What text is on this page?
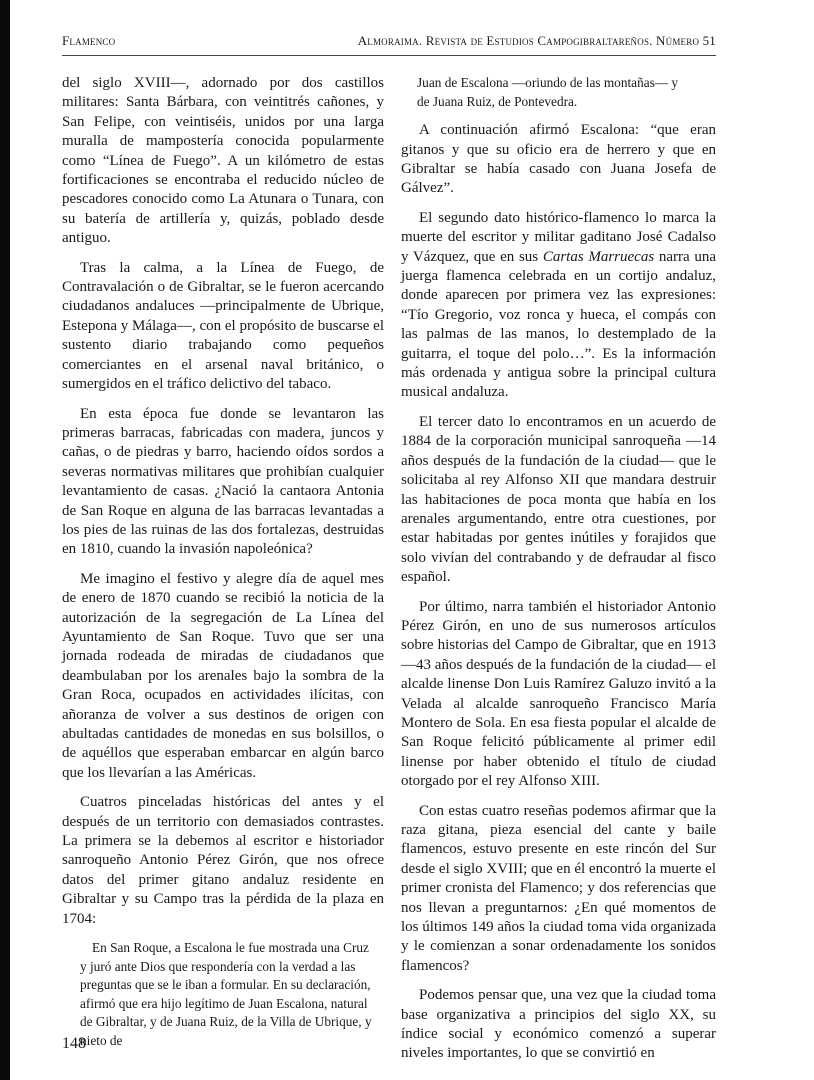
Flamenco	Almoraima. Revista de Estudios Campogibraltareños. Número 51

del siglo XVIII—, adornado por dos castillos militares: Santa Bárbara, con veintitrés cañones, y San Felipe, con veintiséis, unidos por una larga muralla de mampostería conocida popularmente como “Línea de Fuego”. A un kilómetro de estas fortificaciones se encontraba el reducido núcleo de pescadores conocido como La Atunara o Tunara, con su batería de artillería y, quizás, poblado desde antiguo.

Tras la calma, a la Línea de Fuego, de Contravalación o de Gibraltar, se le fueron acercando ciudadanos andaluces —principalmente de Ubrique, Estepona y Málaga—, con el propósito de buscarse el sustento diario trabajando como pequeños comerciantes en el arsenal naval británico, o sumergidos en el tráfico delictivo del tabaco.

En esta época fue donde se levantaron las primeras barracas, fabricadas con madera, juncos y cañas, o de piedras y barro, haciendo oídos sordos a severas normativas militares que prohibían cualquier levantamiento de casas. ¿Nació la cantaora Antonia de San Roque en alguna de las barracas levantadas a los pies de las ruinas de las dos fortalezas, destruidas en 1810, cuando la invasión napoleónica?

Me imagino el festivo y alegre día de aquel mes de enero de 1870 cuando se recibió la noticia de la autorización de la segregación de La Línea del Ayuntamiento de San Roque. Tuvo que ser una jornada rodeada de miradas de ciudadanos que deambulaban por los arenales bajo la sombra de la Gran Roca, ocupados en actividades ilícitas, con añoranza de volver a sus destinos de origen con abultadas cantidades de monedas en sus bolsillos, o de aquéllos que esperaban embarcar en algún barco que los llevarían a las Américas.

Cuatros pinceladas históricas del antes y el después de un territorio con demasiados contrastes. La primera se la debemos al escritor e historiador sanroqueño Antonio Pérez Girón, que nos ofrece datos del primer gitano andaluz residente en Gibraltar y su Campo tras la pérdida de la plaza en 1704:

En San Roque, a Escalona le fue mostrada una Cruz y juró ante Dios que respondería con la verdad a las preguntas que se le iban a formular. En su declaración, afirmó que era hijo legítimo de Juan Escalona, natural de Gibraltar, y de Juana Ruiz, de la Villa de Ubrique, y nieto de
Juan de Escalona —oriundo de las montañas— y de Juana Ruiz, de Pontevedra.

A continuación afirmó Escalona: “que eran gitanos y que su oficio era de herrero y que en Gibraltar se había casado con Juana Josefa de Gálvez”.

El segundo dato histórico-flamenco lo marca la muerte del escritor y militar gaditano José Cadalso y Vázquez, que en sus Cartas Marruecas narra una juerga flamenca celebrada en un cortijo andaluz, donde aparecen por primera vez las expresiones: “Tío Gregorio, voz ronca y hueca, el compás con las palmas de las manos, lo destemplado de la guitarra, el toque del polo…”. Es la información más ordenada y antigua sobre la principal cultura musical andaluza.

El tercer dato lo encontramos en un acuerdo de 1884 de la corporación municipal sanroqueña —14 años después de la fundación de la ciudad— que le solicitaba al rey Alfonso XII que mandara destruir las habitaciones de poca monta que había en los arenales argumentando, entre otra cuestiones, por estar habitadas por gentes inútiles y forajidos que solo vivían del contrabando y de defraudar al fisco español.

Por último, narra también el historiador Antonio Pérez Girón, en uno de sus numerosos artículos sobre historias del Campo de Gibraltar, que en 1913 —43 años después de la fundación de la ciudad— el alcalde linense Don Luis Ramírez Galuzo invitó a la Velada al alcalde sanroqueño Francisco María Montero de Sola. En esa fiesta popular el alcalde de San Roque felicitó públicamente al primer edil linense por haber obtenido el título de ciudad otorgado por el rey Alfonso XIII.

Con estas cuatro reseñas podemos afirmar que la raza gitana, pieza esencial del cante y baile flamencos, estuvo presente en este rincón del Sur desde el siglo XVIII; que en él encontró la muerte el primer cronista del Flamenco; y dos referencias que nos llevan a preguntarnos: ¿En qué momentos de los últimos 149 años la ciudad toma vida organizada y le comienzan a sonar ordenadamente los sonidos flamencos?

Podemos pensar que, una vez que la ciudad toma base organizativa a principios del siglo XX, su índice social y económico comenzó a superar niveles importantes, lo que se convirtió en

148
